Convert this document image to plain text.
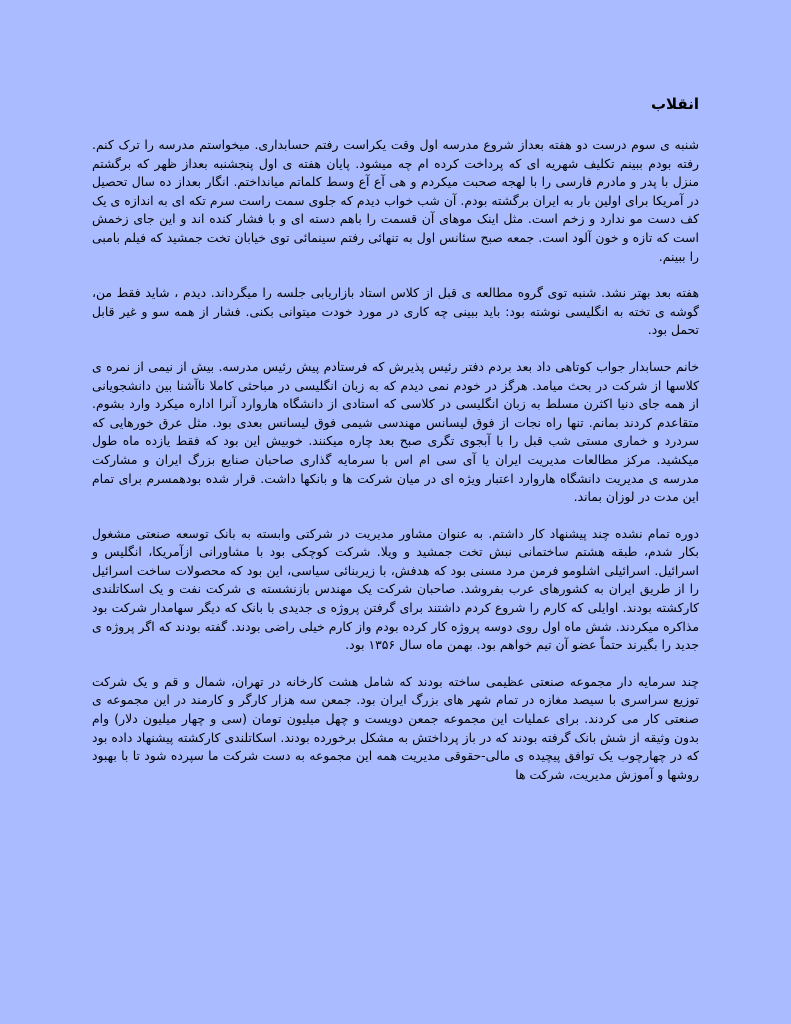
انقلاب

شنبه ی سوم درست دو هفته بعداز شروع مدرسه اول وقت یکراست رفتم حسابداری. میخواستم مدرسه را ترک کنم. رفته بودم ببینم تکلیف شهریه ای که پرداخت کرده ام چه میشود. پایان هفته ی اول پنجشنبه بعداز ظهر که برگشتم منزل با پدر و مادرم فارسی را با لهجه صحبت میکردم و هی آع آع وسط کلماتم میانداختم. انگار بعداز ده سال تحصیل در آمریکا برای اولین بار به ایران برگشته بودم. آن شب خواب دیدم که جلوی سمت راست سرم تکه ای به اندازه ی یک کف دست مو ندارد و زخم است. مثل اینک موهای آن قسمت را باهم دسته ای و با فشار کنده اند و این جای زخمش است که تازه و خون آلود است. جمعه صبح سئانس اول به تنهائی رفتم سینمائی توی خیابان تخت جمشید که فیلم بامبی را ببینم.

هفته بعد بهتر نشد. شنبه توی گروه مطالعه ی قبل از کلاس استاد بازاریابی جلسه را میگرداند. دیدم ، شاید فقط من، گوشه ی تخته به انگلیسی نوشته بود: باید ببینی چه کاری در مورد خودت میتوانی بکنی. فشار از همه سو و غیر قابل تحمل بود.

خانم حسابدار جواب کوتاهی داد بعد بردم دفتر رئیس پذیرش که فرستادم پیش رئیس مدرسه. بیش از نیمی از نمره ی کلاسها از شرکت در بحث میامد. هرگز در خودم نمی دیدم که به زبان انگلیسی در مباحثی کاملا ناآشنا بین دانشجویانی از همه جای دنیا اکثرن مسلط به زبان انگلیسی در کلاسی که استادی از دانشگاه هاروارد آنرا اداره میکرد وارد بشوم. متقاعدم کردند بمانم. تنها راه نجات از فوق لیسانس مهندسی شیمی فوق لیسانس بعدی بود. مثل عرق خورهایی که سردرد و خماری مستی شب قبل را با آبجوی تگری صبح بعد چاره میکنند. خوبیش این بود که فقط یازده ماه طول میکشید. مرکز مطالعات مدیریت ایران یا آی سی ام اس با سرمایه گذاری صاحبان صنایع بزرگ ایران و مشارکت مدرسه ی مدیریت دانشگاه هاروارد اعتبار ویژه ای در میان شرکت ها و بانکها داشت. قرار شده بودهمسرم برای تمام این مدت در لوزان بماند.

دوره تمام نشده چند پیشنهاد کار داشتم. به عنوان مشاور مدیریت در شرکتی وابسته به بانک توسعه صنعتی مشغول بکار شدم، طبقه هشتم ساختمانی نبش تخت جمشید و ویلا. شرکت کوچکی بود با مشاورانی ازآمریکا، انگلیس و اسرائیل. اسرائیلی اشلومو فرمن مرد مسنی بود که هدفش، با زیربنائی سیاسی، این بود که محصولات ساخت اسرائیل را از طریق ایران به کشورهای عرب بفروشد. صاحبان شرکت یک مهندس بازنشسته ی شرکت نفت و یک اسکاتلندی کارکشته بودند. اوایلی که کارم را شروع کردم داشتند برای گرفتن پروژه ی جدیدی با بانک که دیگر سهامدار شرکت بود مذاکره میکردند. شش ماه اول روی دوسه پروژه کار کرده بودم واز کارم خیلی راضی بودند. گفته بودند که اگر پروژه ی جدید را بگیرند حتماً عضو آن تیم خواهم بود. بهمن ماه سال ۱۳۵۶ بود.

چند سرمایه دار مجموعه صنعتی عظیمی ساخته بودند که شامل هشت کارخانه در تهران، شمال و قم و یک شرکت توزیع سراسری با سیصد مغازه در تمام شهر های بزرگ ایران بود. جمعن سه هزار کارگر و کارمند در این مجموعه ی صنعتی کار می کردند. برای عملیات این مجموعه جمعن دویست و چهل میلیون تومان (سی و چهار میلیون دلار) وام بدون وثیقه از شش بانک گرفته بودند که در باز پرداختش به مشکل برخورده بودند. اسکاتلندی کارکشته پیشنهاد داده بود که در چهارچوب یک توافق پیچیده ی مالی-حقوقی مدیریت همه این مجموعه به دست شرکت ما سپرده شود تا با بهبود روشها و آموزش مدیریت، شرکت ها
